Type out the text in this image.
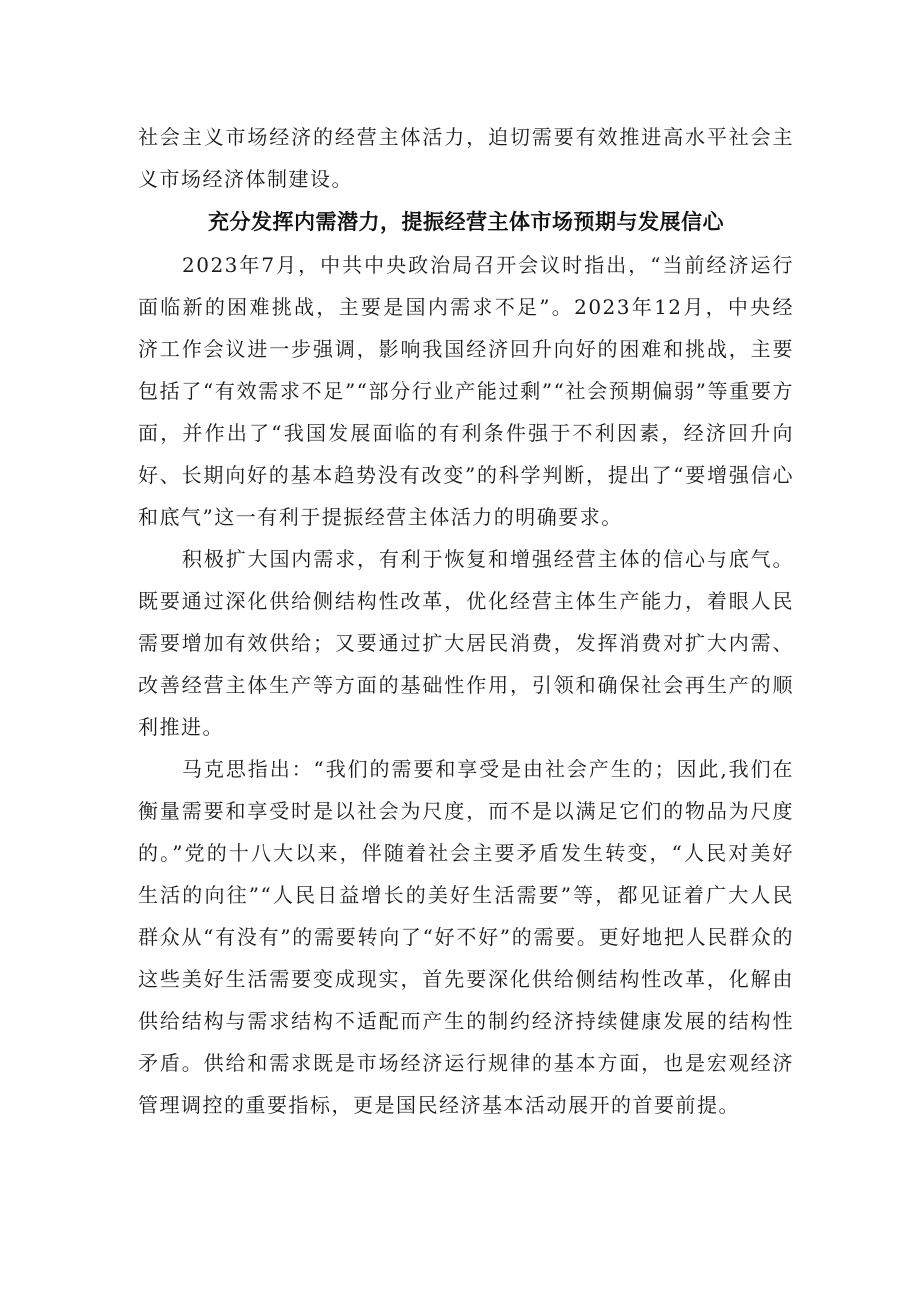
社会主义市场经济的经营主体活力，迫切需要有效推进高水平社会主义市场经济体制建设。

充分发挥内需潜力，提振经营主体市场预期与发展信心

2023年7月，中共中央政治局召开会议时指出，“当前经济运行面临新的困难挑战，主要是国内需求不足”。2023年12月，中央经济工作会议进一步强调，影响我国经济回升向好的困难和挑战，主要包括了“有效需求不足”“部分行业产能过剩”“社会预期偏弱”等重要方面，并作出了“我国发展面临的有利条件强于不利因素，经济回升向好、长期向好的基本趋势没有改变”的科学判断，提出了“要增强信心和底气”这一有利于提振经营主体活力的明确要求。

积极扩大国内需求，有利于恢复和增强经营主体的信心与底气。既要通过深化供给侧结构性改革，优化经营主体生产能力，着眼人民需要增加有效供给；又要通过扩大居民消费，发挥消费对扩大内需、改善经营主体生产等方面的基础性作用，引领和确保社会再生产的顺利推进。

马克思指出：“我们的需要和享受是由社会产生的；因此,我们在衡量需要和享受时是以社会为尺度，而不是以满足它们的物品为尺度的。”党的十八大以来，伴随着社会主要矛盾发生转变，“人民对美好生活的向往”“人民日益增长的美好生活需要”等，都见证着广大人民群众从“有没有”的需要转向了“好不好”的需要。更好地把人民群众的这些美好生活需要变成现实，首先要深化供给侧结构性改革，化解由供给结构与需求结构不适配而产生的制约经济持续健康发展的结构性矛盾。供给和需求既是市场经济运行规律的基本方面，也是宏观经济管理调控的重要指标，更是国民经济基本活动展开的首要前提。
